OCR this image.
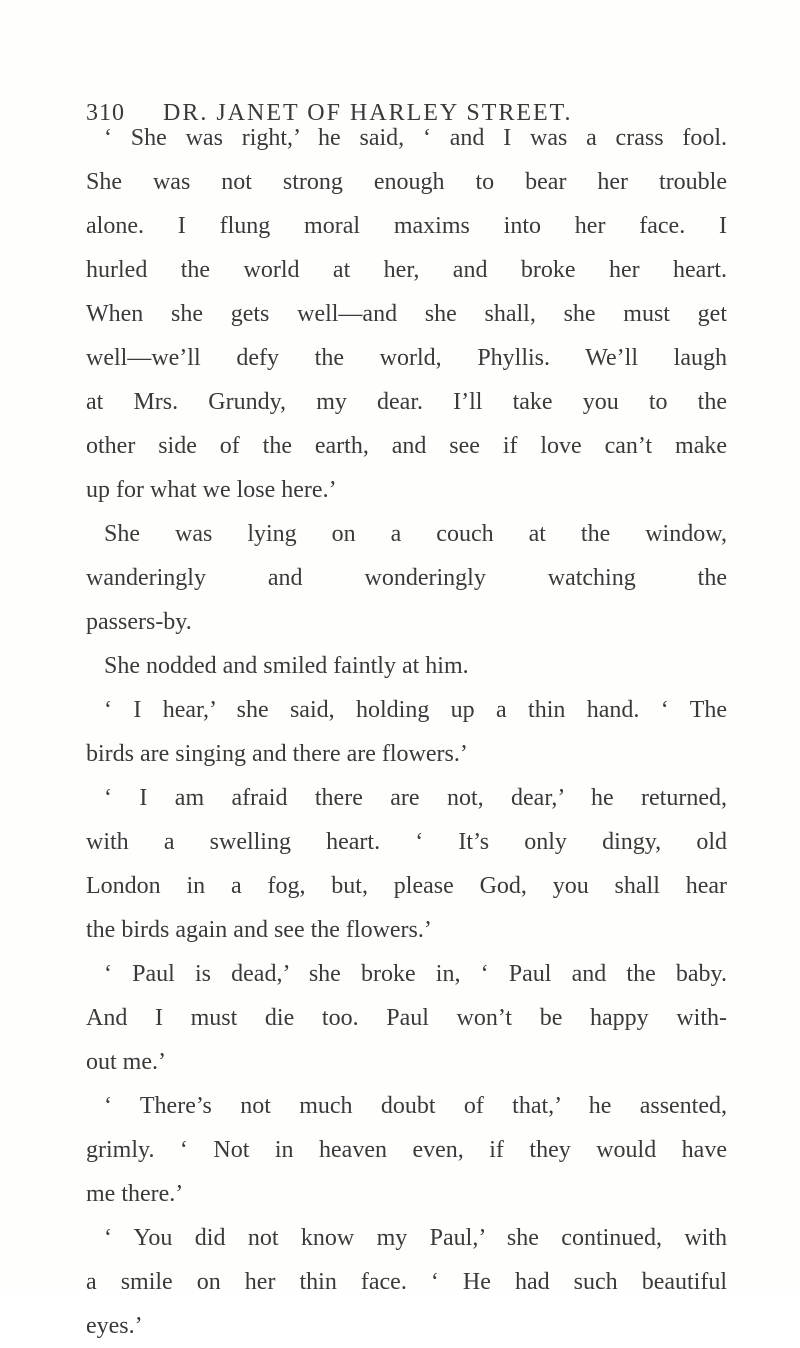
310 DR. JANET OF HARLEY STREET.
‘ She was right,’ he said, ‘ and I was a crass fool.
She was not strong enough to bear her trouble
alone. I flung moral maxims into her face. I
hurled the world at her, and broke her heart.
When she gets well—and she shall, she must get
well—we’ll defy the world, Phyllis. We’ll laugh
at Mrs. Grundy, my dear. I’ll take you to the
other side of the earth, and see if love can’t make
up for what we lose here.’
She was lying on a couch at the window,
wanderingly and wonderingly watching the
passers-by.
She nodded and smiled faintly at him.
‘ I hear,’ she said, holding up a thin hand. ‘ The
birds are singing and there are flowers.’
‘ I am afraid there are not, dear,’ he returned,
with a swelling heart. ‘ It’s only dingy, old
London in a fog, but, please God, you shall hear
the birds again and see the flowers.’
‘ Paul is dead,’ she broke in, ‘ Paul and the baby.
And I must die too. Paul won’t be happy with-
out me.’
‘ There’s not much doubt of that,’ he assented,
grimly. ‘ Not in heaven even, if they would have
me there.’
‘ You did not know my Paul,’ she continued, with
a smile on her thin face. ‘ He had such beautiful
eyes.’
